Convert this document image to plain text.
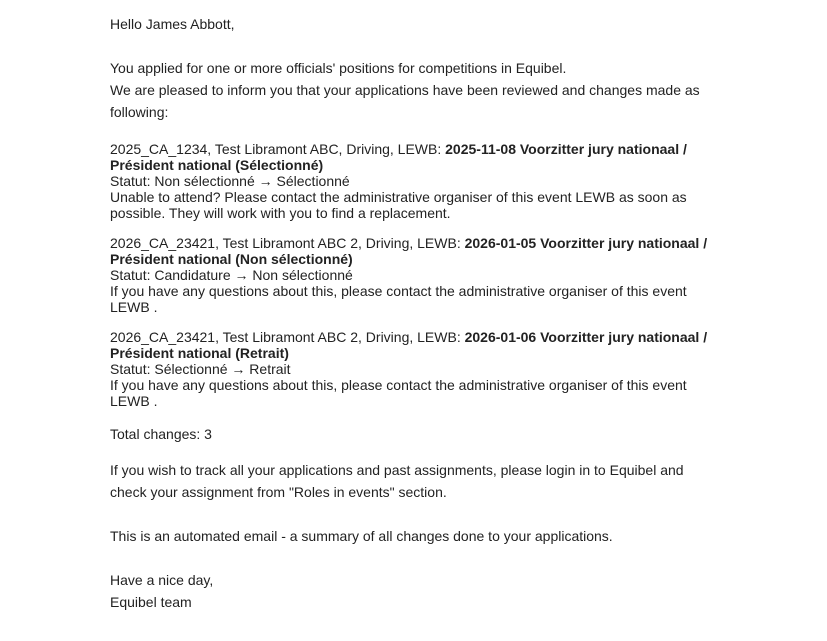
Hello James Abbott,

You applied for one or more officials' positions for competitions in Equibel.

We are pleased to inform you that your applications have been reviewed and changes made as following:

2025_CA_1234, Test Libramont ABC, Driving, LEWB: 2025-11-08 Voorzitter jury nationaal / Président national (Sélectionné)
Statut: Non sélectionné → Sélectionné
Unable to attend? Please contact the administrative organiser of this event LEWB as soon as possible. They will work with you to find a replacement.
2026_CA_23421, Test Libramont ABC 2, Driving, LEWB: 2026-01-05 Voorzitter jury nationaal / Président national (Non sélectionné)
Statut: Candidature → Non sélectionné
If you have any questions about this, please contact the administrative organiser of this event LEWB .
2026_CA_23421, Test Libramont ABC 2, Driving, LEWB: 2026-01-06 Voorzitter jury nationaal / Président national (Retrait)
Statut: Sélectionné → Retrait
If you have any questions about this, please contact the administrative organiser of this event LEWB .

Total changes: 3

If you wish to track all your applications and past assignments, please login in to Equibel and check your assignment from "Roles in events" section.

This is an automated email - a summary of all changes done to your applications.

Have a nice day,

Equibel team
